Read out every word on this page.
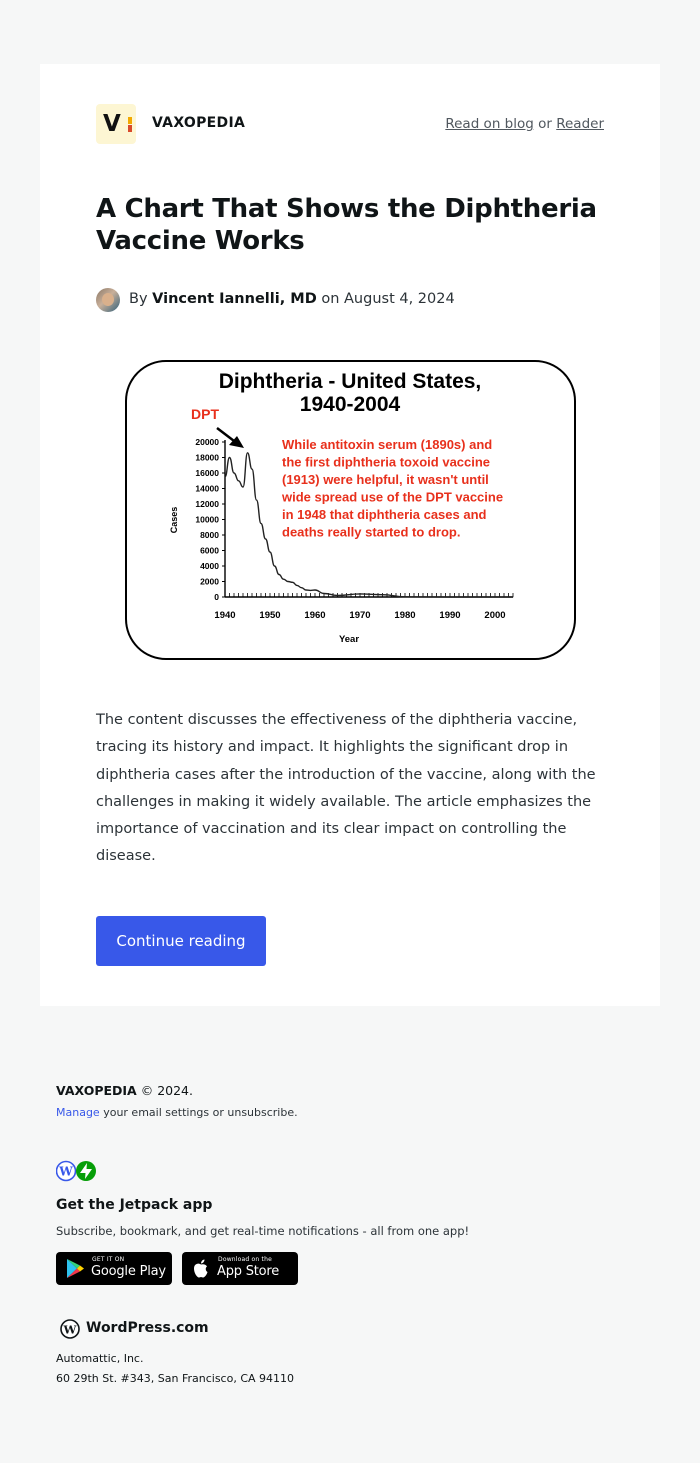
V VAXOPEDIA	Read on blog or Reader
A Chart That Shows the Diphtheria Vaccine Works
By Vincent Iannelli, MD on August 4, 2024
Diphtheria - United States,
1940-2004
DPT
While antitoxin serum (1890s) and
the first diphtheria toxoid vaccine
(1913) were helpful, it wasn't until
wide spread use of the DPT vaccine
in 1948 that diphtheria cases and
deaths really started to drop.
0
2000
4000
6000
8000
10000
12000
14000
16000
18000
20000
1940	1950	1960	1970	1980	1990	2000
Cases
Year

The content discusses the effectiveness of the diphtheria vaccine, tracing its history and impact. It highlights the significant drop in diphtheria cases after the introduction of the vaccine, along with the challenges in making it widely available. The article emphasizes the importance of vaccination and its clear impact on controlling the disease.

Continue reading
VAXOPEDIA © 2024.
Manage your email settings or unsubscribe.
W
Get the Jetpack app
Subscribe, bookmark, and get real-time notifications - all from one app!
GET IT ON
Google Play
Download on the
App Store
W WordPress.com
Automattic, Inc.
60 29th St. #343, San Francisco, CA 94110
